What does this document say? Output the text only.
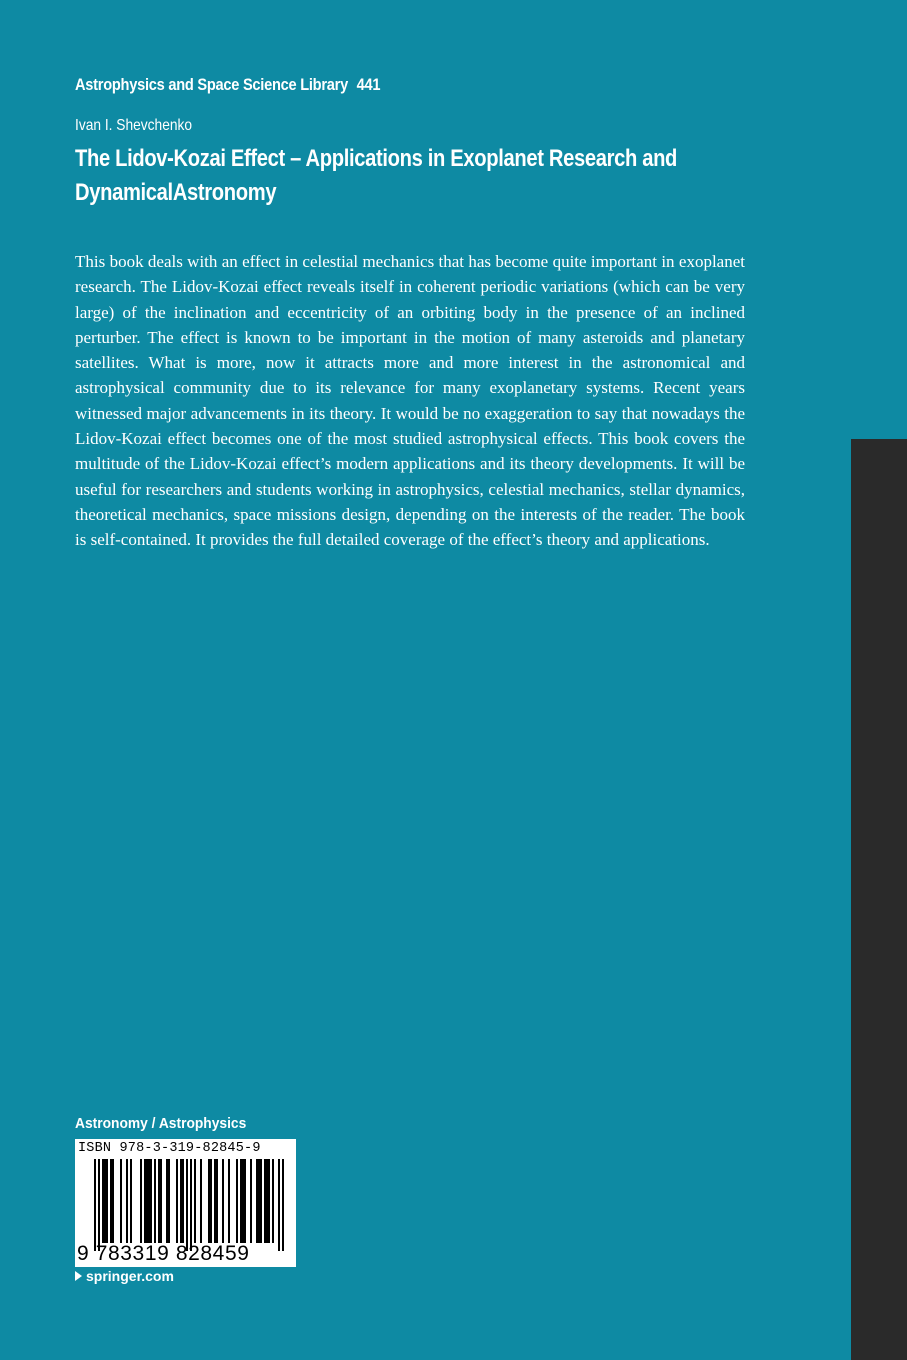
Astrophysics and Space Science Library 441
Ivan I. Shevchenko
The Lidov-Kozai Effect – Applications in Exoplanet Research and DynamicalAstronomy
This book deals with an effect in celestial mechanics that has become quite important in exoplanet research. The Lidov-Kozai effect reveals itself in coherent periodic variations (which can be very large) of the inclination and eccentricity of an orbiting body in the presence of an inclined perturber. The effect is known to be important in the motion of many asteroids and planetary satellites. What is more, now it attracts more and more interest in the astronomical and astrophysical community due to its relevance for many exoplanetary systems. Recent years witnessed major advancements in its theory. It would be no exaggeration to say that nowadays the Lidov-Kozai effect becomes one of the most studied astrophysical effects. This book covers the multitude of the Lidov-Kozai effect’s modern applications and its theory developments. It will be useful for researchers and students working in astrophysics, celestial mechanics, stellar dynamics, theoretical mechanics, space missions design, depending on the interests of the reader. The book is self-contained. It provides the full detailed coverage of the effect’s theory and applications.
Astronomy / Astrophysics
ISBN 978-3-319-82845-9
9 783319 828459
springer.com
